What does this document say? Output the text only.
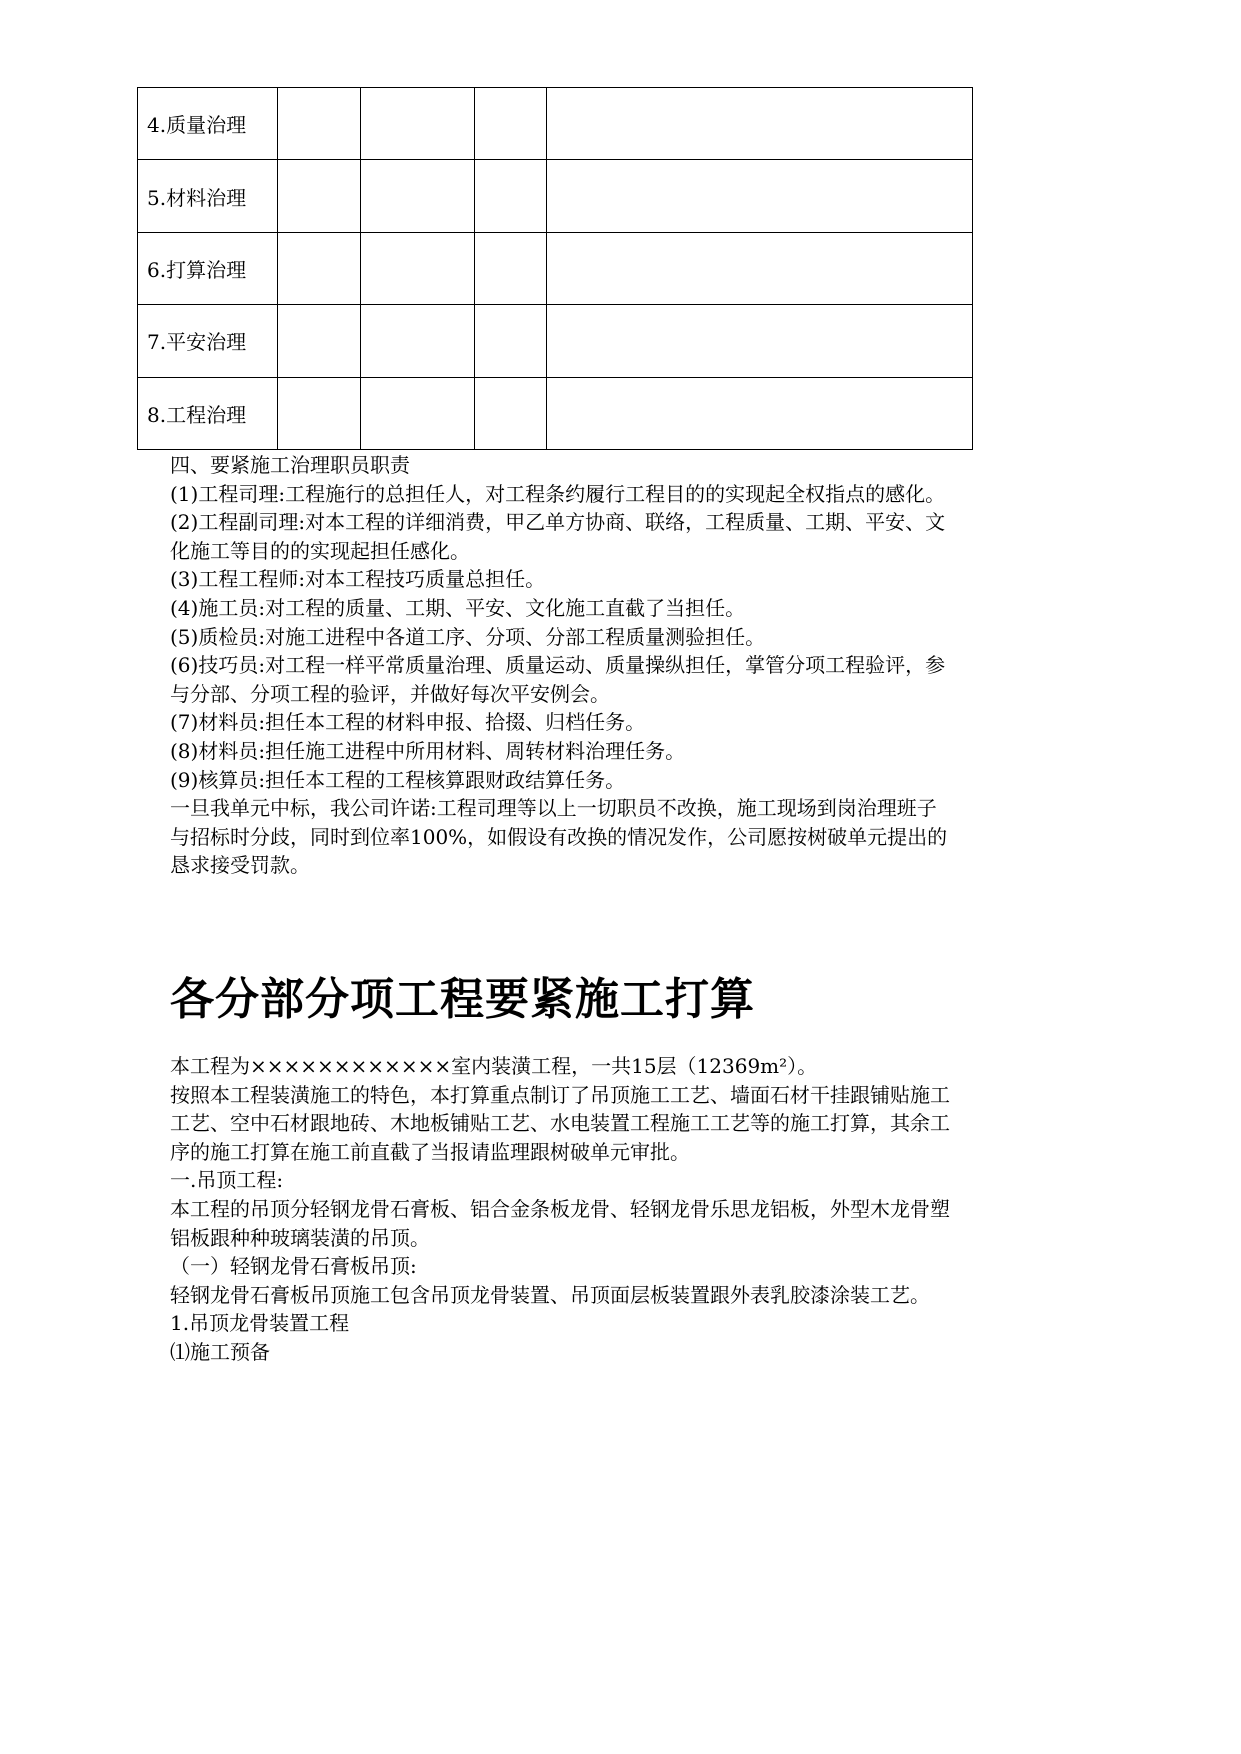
4.质量治理				
5.材料治理				
6.打算治理				
7.平安治理				
8.工程治理				

四、要紧施工治理职员职责

(1)工程司理:工程施行的总担任人，对工程条约履行工程目的的实现起全权指点的感化。

(2)工程副司理:对本工程的详细消费，甲乙单方协商、联络，工程质量、工期、平安、文化施工等目的的实现起担任感化。

(3)工程工程师:对本工程技巧质量总担任。

(4)施工员:对工程的质量、工期、平安、文化施工直截了当担任。

(5)质检员:对施工进程中各道工序、分项、分部工程质量测验担任。

(6)技巧员:对工程一样平常质量治理、质量运动、质量操纵担任，掌管分项工程验评，参与分部、分项工程的验评，并做好每次平安例会。

(7)材料员:担任本工程的材料申报、拾掇、归档任务。

(8)材料员:担任施工进程中所用材料、周转材料治理任务。

(9)核算员:担任本工程的工程核算跟财政结算任务。

一旦我单元中标，我公司许诺:工程司理等以上一切职员不改换，施工现场到岗治理班子与招标时分歧，同时到位率100%，如假设有改换的情况发作，公司愿按树破单元提出的恳求接受罚款。

各分部分项工程要紧施工打算

本工程为××××××××××××室内装潢工程，一共15层（12369m²）。

按照本工程装潢施工的特色，本打算重点制订了吊顶施工工艺、墙面石材干挂跟铺贴施工工艺、空中石材跟地砖、木地板铺贴工艺、水电装置工程施工工艺等的施工打算，其余工序的施工打算在施工前直截了当报请监理跟树破单元审批。

一.吊顶工程:

本工程的吊顶分轻钢龙骨石膏板、铝合金条板龙骨、轻钢龙骨乐思龙铝板，外型木龙骨塑铝板跟种种玻璃装潢的吊顶。

（一）轻钢龙骨石膏板吊顶:

轻钢龙骨石膏板吊顶施工包含吊顶龙骨装置、吊顶面层板装置跟外表乳胶漆涂装工艺。

1.吊顶龙骨装置工程

⑴施工预备
